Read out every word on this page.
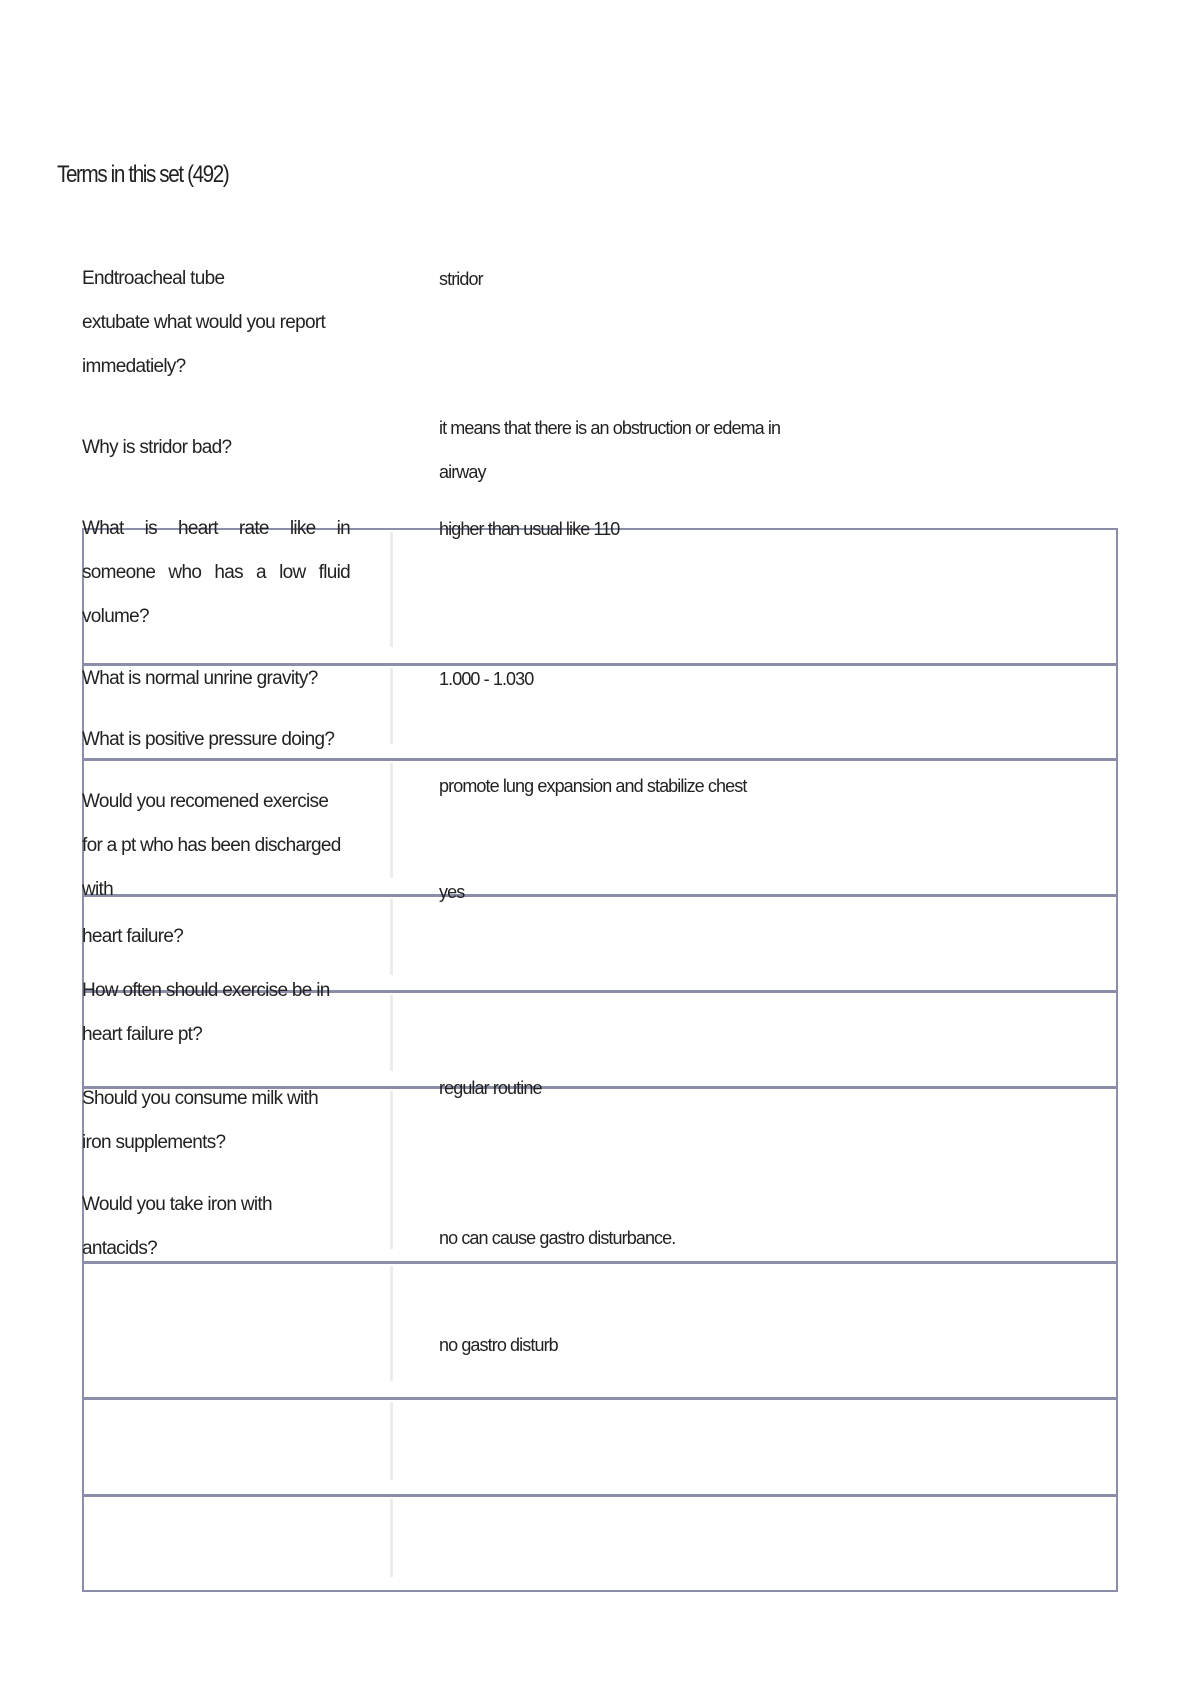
Terms in this set (492)
Endtroacheal tube
extubate what would you report
immedatiely?
stridor
Why is stridor bad?
it means that there is an obstruction or edema in
airway
What is heart rate like in
someone who has a low fluid
volume?
higher than usual like 110
What is normal unrine gravity?	1.000 - 1.030
What is positive pressure doing?
promote lung expansion and stabilize chest
Would you recomened exercise
for a pt who has been discharged
with
heart failure?
yes
How often should exercise be in
heart failure pt?
regular routine
Should you consume milk with
iron supplements?
no can cause gastro disturbance.
Would you take iron with
antacids?
no gastro disturb
